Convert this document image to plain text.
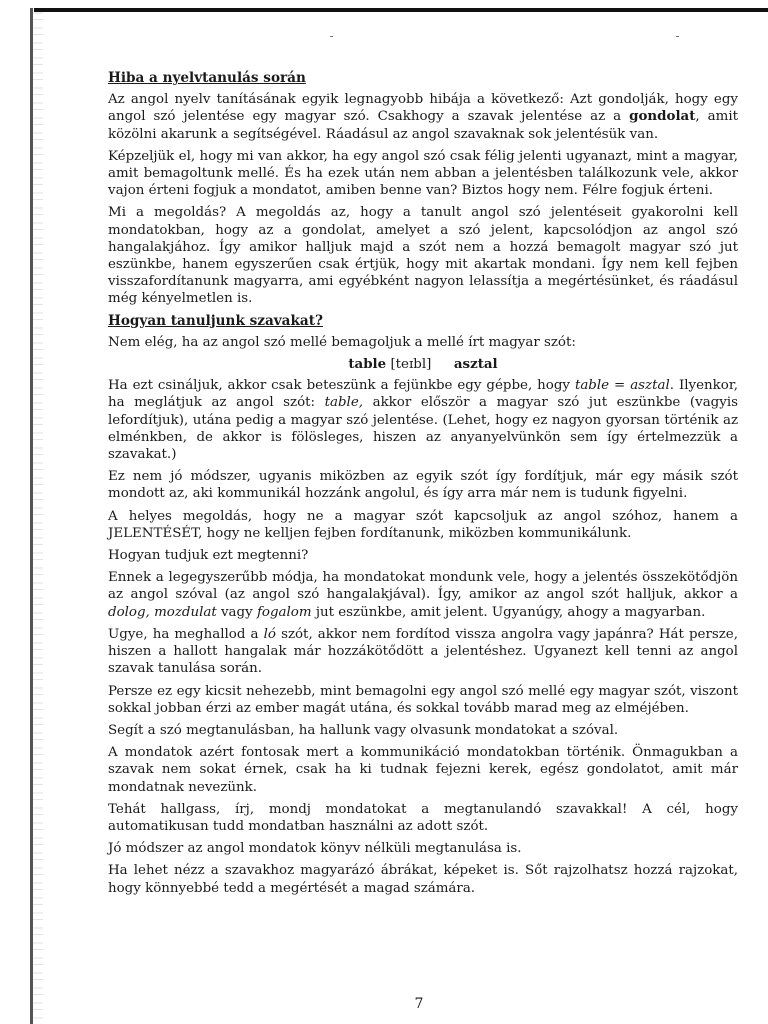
Hiba a nyelvtanulás során

Az angol nyelv tanításának egyik legnagyobb hibája a következő: Azt gondolják, hogy egy angol szó jelentése egy magyar szó. Csakhogy a szavak jelentése az a gondolat, amit közölni akarunk a segítségével. Ráadásul az angol szavaknak sok jelentésük van.

Képzeljük el, hogy mi van akkor, ha egy angol szó csak félig jelenti ugyanazt, mint a magyar, amit bemagoltunk mellé. És ha ezek után nem abban a jelentésben találkozunk vele, akkor vajon érteni fogjuk a mondatot, amiben benne van? Biztos hogy nem. Félre fogjuk érteni.

Mi a megoldás? A megoldás az, hogy a tanult angol szó jelentéseit gyakorolni kell mondatokban, hogy az a gondolat, amelyet a szó jelent, kapcsolódjon az angol szó hangalakjához. Így amikor halljuk majd a szót nem a hozzá bemagolt magyar szó jut eszünkbe, hanem egyszerűen csak értjük, hogy mit akartak mondani. Így nem kell fejben visszafordítanunk magyarra, ami egyébként nagyon lelassítja a megértésünket, és ráadásul még kényelmetlen is.

Hogyan tanuljunk szavakat?

Nem elég, ha az angol szó mellé bemagoljuk a mellé írt magyar szót:

table [teɪbl] asztal

Ha ezt csináljuk, akkor csak beteszünk a fejünkbe egy gépbe, hogy table = asztal. Ilyenkor, ha meglátjuk az angol szót: table, akkor először a magyar szó jut eszünkbe (vagyis lefordítjuk), utána pedig a magyar szó jelentése. (Lehet, hogy ez nagyon gyorsan történik az elménkben, de akkor is fölösleges, hiszen az anyanyelvünkön sem így értelmezzük a szavakat.)

Ez nem jó módszer, ugyanis miközben az egyik szót így fordítjuk, már egy másik szót mondott az, aki kommunikál hozzánk angolul, és így arra már nem is tudunk figyelni.

A helyes megoldás, hogy ne a magyar szót kapcsoljuk az angol szóhoz, hanem a JELENTÉSÉT, hogy ne kelljen fejben fordítanunk, miközben kommunikálunk.

Hogyan tudjuk ezt megtenni?

Ennek a legegyszerűbb módja, ha mondatokat mondunk vele, hogy a jelentés összekötődjön az angol szóval (az angol szó hangalakjával). Így, amikor az angol szót halljuk, akkor a dolog, mozdulat vagy fogalom jut eszünkbe, amit jelent. Ugyanúgy, ahogy a magyarban.

Ugye, ha meghallod a ló szót, akkor nem fordítod vissza angolra vagy japánra? Hát persze, hiszen a hallott hangalak már hozzákötődött a jelentéshez. Ugyanezt kell tenni az angol szavak tanulása során.

Persze ez egy kicsit nehezebb, mint bemagolni egy angol szó mellé egy magyar szót, viszont sokkal jobban érzi az ember magát utána, és sokkal tovább marad meg az elméjében.

Segít a szó megtanulásban, ha hallunk vagy olvasunk mondatokat a szóval.

A mondatok azért fontosak mert a kommunikáció mondatokban történik. Önmagukban a szavak nem sokat érnek, csak ha ki tudnak fejezni kerek, egész gondolatot, amit már mondatnak nevezünk.

Tehát hallgass, írj, mondj mondatokat a megtanulandó szavakkal! A cél, hogy automatikusan tudd mondatban használni az adott szót.

Jó módszer az angol mondatok könyv nélküli megtanulása is.

Ha lehet nézz a szavakhoz magyarázó ábrákat, képeket is. Sőt rajzolhatsz hozzá rajzokat, hogy könnyebbé tedd a megértését a magad számára.

7
